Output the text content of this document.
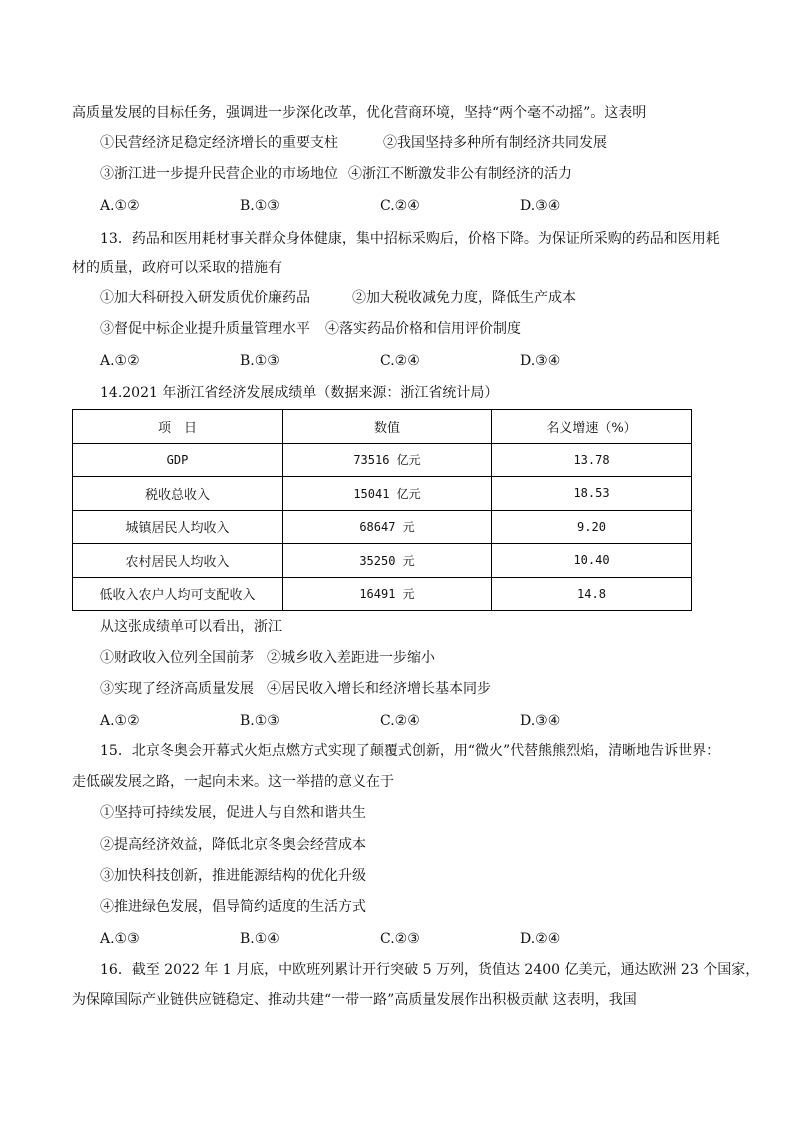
高质量发展的目标任务，强调进一步深化改革，优化营商环境，坚持“两个毫不动摇”。这表明
①民营经济足稳定经济增长的重要支柱	②我国坚持多种所有制经济共同发展
③浙江进一步提升民营企业的市场地位 ④浙江不断激发非公有制经济的活力
A.①②	B.①③	C.②④	D.③④
13．药品和医用耗材事关群众身体健康，集中招标采购后，价格下降。为保证所采购的药品和医用耗
材的质量，政府可以采取的措施有
①加大科研投入研发质优价廉药品	②加大税收减免力度，降低生产成本
③督促中标企业提升质量管理水平 ④落实药品价格和信用评价制度
A.①②	B.①③	C.②④	D.③④
14.2021 年浙江省经济发展成绩单（数据来源：浙江省统计局）
项　日	数值	名义增速（%）
GDP	73516 亿元	13.78
税收总收入	15041 亿元	18.53
城镇居民人均收入	68647 元	9.20
农村居民人均收入	35250 元	10.40
低收入农户人均可支配收入	16491 元	14.8
从这张成绩单可以看出，浙江
①财政收入位列全国前茅 ②城乡收入差距进一步缩小
③实现了经济高质量发展 ④居民收入增长和经济增长基本同步
A.①②	B.①③	C.②④	D.③④
15．北京冬奥会开幕式火炬点燃方式实现了颠覆式创新，用“微火”代替熊熊烈焰，清晰地告诉世界：
走低碳发展之路，一起向未来。这一举措的意义在于
①坚持可持续发展，促进人与自然和谐共生
②提高经济效益，降低北京冬奥会经营成本
③加快科技创新，推进能源结构的优化升级
④推进绿色发展，倡导简约适度的生活方式
A.①③	B.①④	C.②③	D.②④
16．截至 2022 年 1 月底，中欧班列累计开行突破 5 万列，货值达 2400 亿美元，通达欧洲 23 个国家，
为保障国际产业链供应链稳定、推动共建“一带一路”高质量发展作出积极贡献 这表明，我国
